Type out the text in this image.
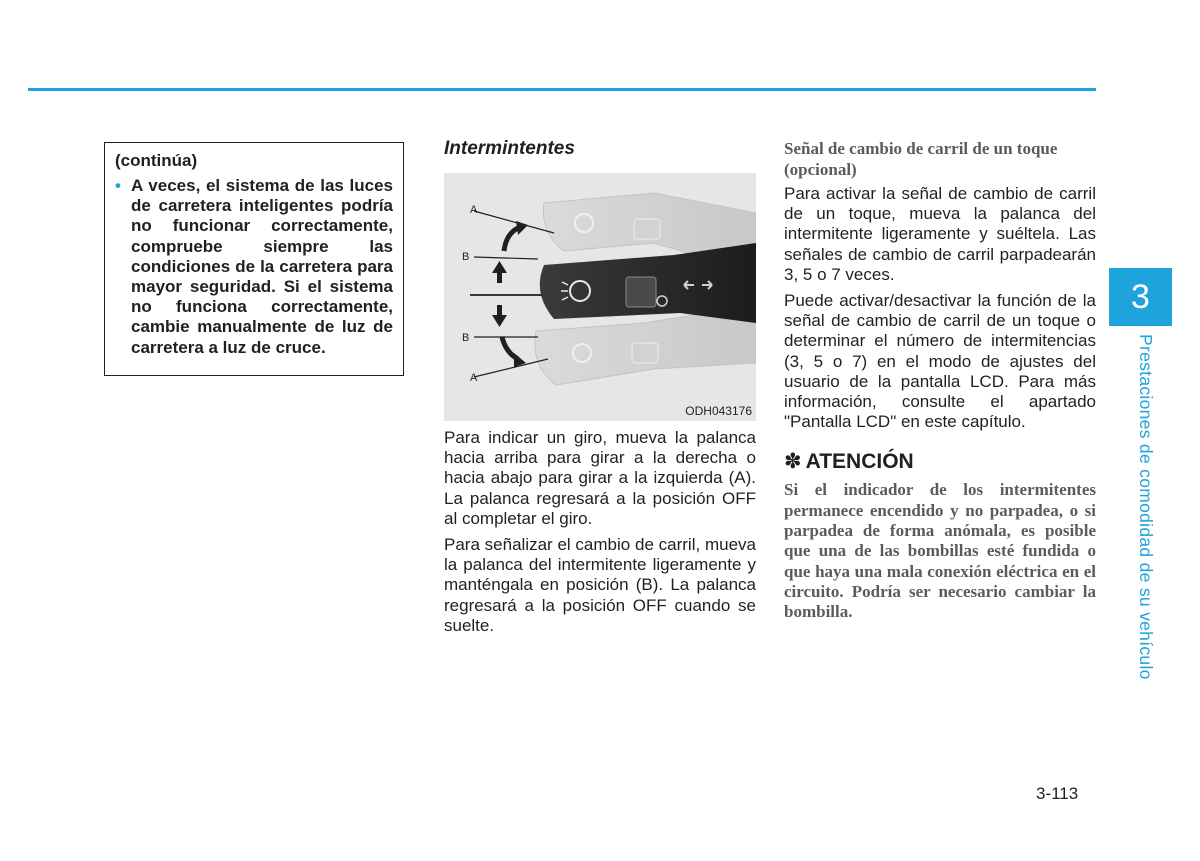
(continúa)
• A veces, el sistema de las luces de carretera inteligentes podría no funcionar correctamente, compruebe siempre las condiciones de la carretera para mayor seguridad. Si el sistema no funciona correctamente, cambie manualmente de luz de carretera a luz de cruce.
Intermintentes
A
B
B
A
ODH043176

Para indicar un giro, mueva la palanca hacia arriba para girar a la derecha o hacia abajo para girar a la izquierda (A). La palanca regresará a la posición OFF al completar el giro.

Para señalizar el cambio de carril, mueva la palanca del intermitente ligeramente y manténgala en posición (B). La palanca regresará a la posición OFF cuando se suelte.

Señal de cambio de carril de un toque (opcional)

Para activar la señal de cambio de carril de un toque, mueva la palanca del intermitente ligeramente y suéltela. Las señales de cambio de carril parpadearán 3, 5 o 7 veces.

Puede activar/desactivar la función de la señal de cambio de carril de un toque o determinar el número de intermitencias (3, 5 o 7) en el modo de ajustes del usuario de la pantalla LCD. Para más información, consulte el apartado "Pantalla LCD" en este capítulo.

✽ ATENCIÓN

Si el indicador de los intermitentes permanece encendido y no parpadea, o si parpadea de forma anómala, es posible que una de las bombillas esté fundida o que haya una mala conexión eléctrica en el circuito. Podría ser necesario cambiar la bombilla.

3
Prestaciones de comodidad de su vehículo
3-113
